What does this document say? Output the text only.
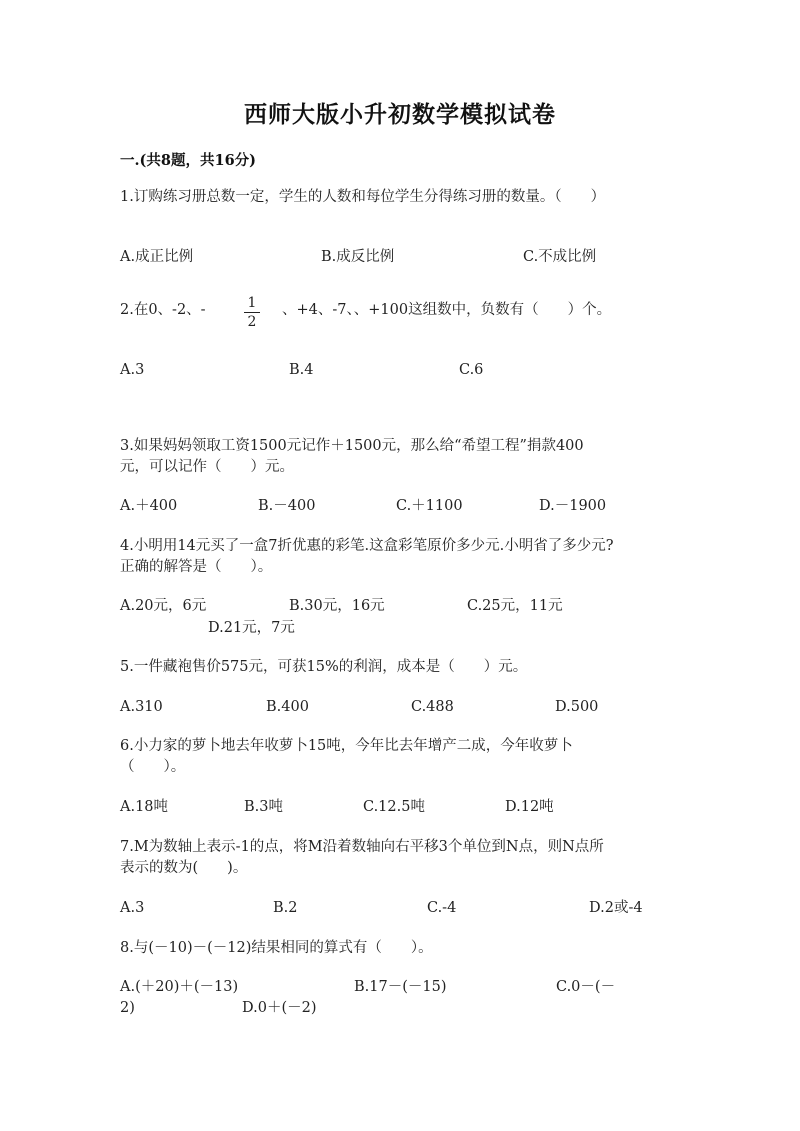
西师大版小升初数学模拟试卷
一.(共8题，共16分)
1.订购练习册总数一定，学生的人数和每位学生分得练习册的数量。（　　）
A.成正比例	B.成反比例	C.不成比例
2.在0、-2、-	1
2
、+4、-7、、+100这组数中，负数有（　　）个。
A.3	B.4	C.6
3.如果妈妈领取工资1500元记作＋1500元，那么给“希望工程”捐款400
元，可以记作（　　）元。
A.＋400	B.－400	C.＋1100	D.－1900
4.小明用14元买了一盒7折优惠的彩笔.这盒彩笔原价多少元.小明省了多少元?
正确的解答是（　　）。
A.20元，6元	B.30元，16元	C.25元，11元
D.21元，7元
5.一件藏袍售价575元，可获15%的利润，成本是（　　）元。
A.310	B.400	C.488	D.500
6.小力家的萝卜地去年收萝卜15吨，今年比去年增产二成，今年收萝卜
（　　）。
A.18吨	B.3吨	C.12.5吨	D.12吨
7.M为数轴上表示-1的点，将M沿着数轴向右平移3个单位到N点，则N点所
表示的数为(　　)。
A.3	B.2	C.-4	D.2或-4
8.与(－10)－(－12)结果相同的算式有（　　）。
A.(＋20)＋(－13)	B.17－(－15)	C.0－(－
2)	D.0＋(－2)
